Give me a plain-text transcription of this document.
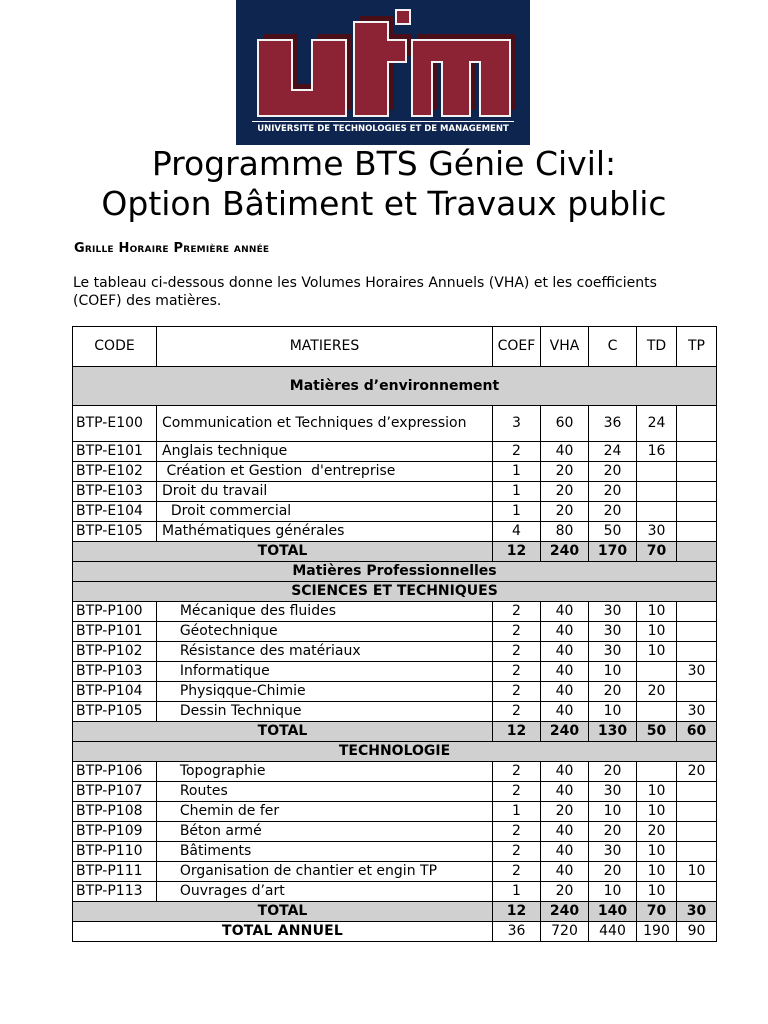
UNIVERSITE DE TECHNOLOGIES ET DE MANAGEMENT
Programme BTS Génie Civil:
Option Bâtiment et Travaux public
Grille Horaire Première année
Le tableau ci-dessous donne les Volumes Horaires Annuels (VHA) et les coefficients (COEF) des matières.
CODE	MATIERES	COEF	VHA	C	TD	TP
Matières d’environnement						
BTP-E100	Communication et Techniques d’expression	3	60	36	24	
BTP-E101	Anglais technique	2	40	24	16	
BTP-E102	Création et Gestion  d'entreprise	1	20	20		
BTP-E103	Droit du travail	1	20	20		
BTP-E104	Droit commercial	1	20	20		
BTP-E105	Mathématiques générales	4	80	50	30	
TOTAL		12	240	170	70	
Matières Professionnelles						
SCIENCES ET TECHNIQUES						
BTP-P100	Mécanique des fluides	2	40	30	10	
BTP-P101	Géotechnique	2	40	30	10	
BTP-P102	Résistance des matériaux	2	40	30	10	
BTP-P103	Informatique	2	40	10		30
BTP-P104	Physiqque-Chimie	2	40	20	20	
BTP-P105	Dessin Technique	2	40	10		30
TOTAL		12	240	130	50	60
TECHNOLOGIE						
BTP-P106	Topographie	2	40	20		20
BTP-P107	Routes	2	40	30	10	
BTP-P108	Chemin de fer	1	20	10	10	
BTP-P109	Béton armé	2	40	20	20	
BTP-P110	Bâtiments	2	40	30	10	
BTP-P111	Organisation de chantier et engin TP	2	40	20	10	10
BTP-P113	Ouvrages d’art	1	20	10	10	
TOTAL		12	240	140	70	30
TOTAL ANNUEL		36	720	440	190	90
